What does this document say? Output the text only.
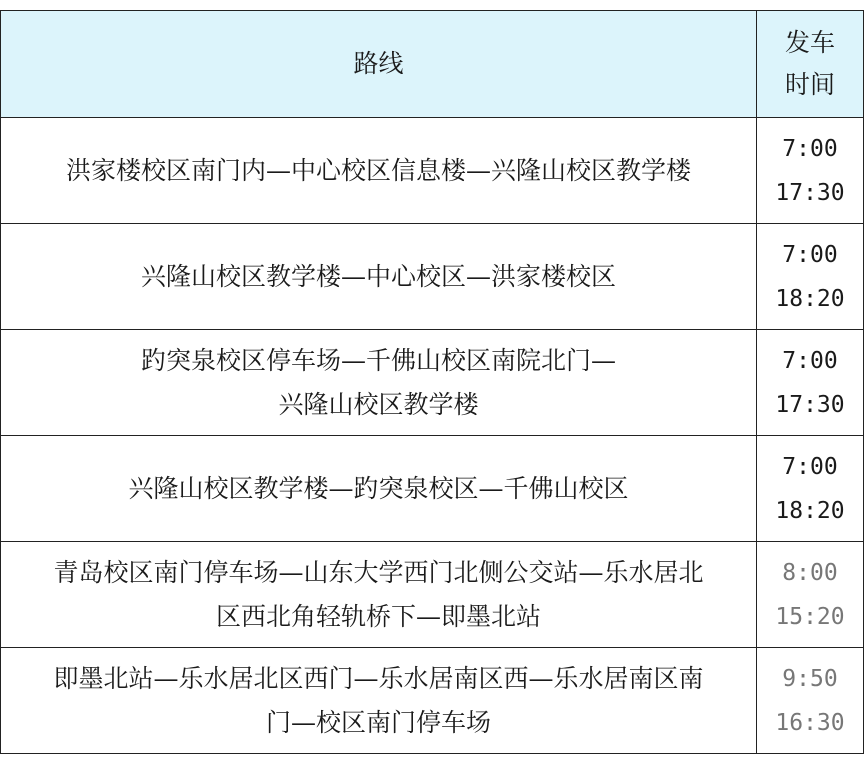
路线	发车
时间

洪家楼校区南门内—中心校区信息楼—兴隆山校区教学楼	7:00
17:30

兴隆山校区教学楼—中心校区—洪家楼校区	7:00
18:20

趵突泉校区停车场—千佛山校区南院北门—
兴隆山校区教学楼	7:00
17:30

兴隆山校区教学楼—趵突泉校区—千佛山校区	7:00
18:20

青岛校区南门停车场—山东大学西门北侧公交站—乐水居北
区西北角轻轨桥下—即墨北站	8:00
15:20

即墨北站—乐水居北区西门—乐水居南区西—乐水居南区南
门—校区南门停车场	9:50
16:30
